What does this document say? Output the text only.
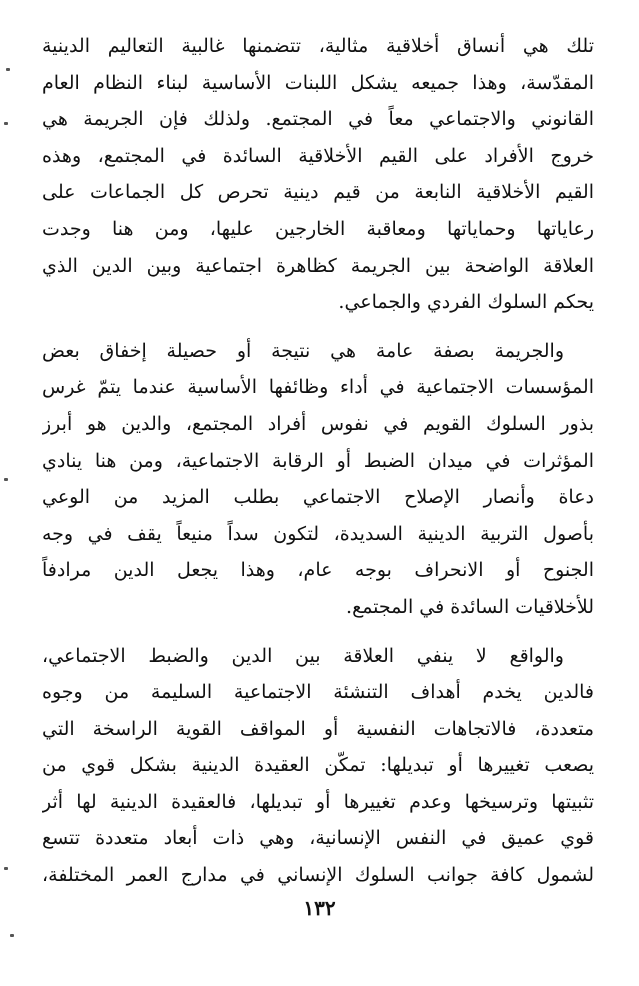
تلك هي أنساق أخلاقية مثالية، تتضمنها غالبية التعاليم الدينية
المقدّسة، وهذا جميعه يشكل اللبنات الأساسية لبناء النظام العام
القانوني والاجتماعي معاً في المجتمع. ولذلك فإن الجريمة هي
خروج الأفراد على القيم الأخلاقية السائدة في المجتمع، وهذه
القيم الأخلاقية النابعة من قيم دينية تحرص كل الجماعات على
رعاياتها وحماياتها ومعاقبة الخارجين عليها، ومن هنا وجدت
العلاقة الواضحة بين الجريمة كظاهرة اجتماعية وبين الدين الذي
يحكم السلوك الفردي والجماعي.
والجريمة بصفة عامة هي نتيجة أو حصيلة إخفاق بعض
المؤسسات الاجتماعية في أداء وظائفها الأساسية عندما يتمّ غرس
بذور السلوك القويم في نفوس أفراد المجتمع، والدين هو أبرز
المؤثرات في ميدان الضبط أو الرقابة الاجتماعية، ومن هنا ينادي
دعاة وأنصار الإصلاح الاجتماعي بطلب المزيد من الوعي
بأصول التربية الدينية السديدة، لتكون سداً منيعاً يقف في وجه
الجنوح أو الانحراف بوجه عام، وهذا يجعل الدين مرادفاً
للأخلاقيات السائدة في المجتمع.
والواقع لا ينفي العلاقة بين الدين والضبط الاجتماعي،
فالدين يخدم أهداف التنشئة الاجتماعية السليمة من وجوه
متعددة، فالاتجاهات النفسية أو المواقف القوية الراسخة التي
يصعب تغييرها أو تبديلها: تمكّن العقيدة الدينية بشكل قوي من
تثبيتها وترسيخها وعدم تغييرها أو تبديلها، فالعقيدة الدينية لها أثر
قوي عميق في النفس الإنسانية، وهي ذات أبعاد متعددة تتسع
لشمول كافة جوانب السلوك الإنساني في مدارج العمر المختلفة،
١٣٢
